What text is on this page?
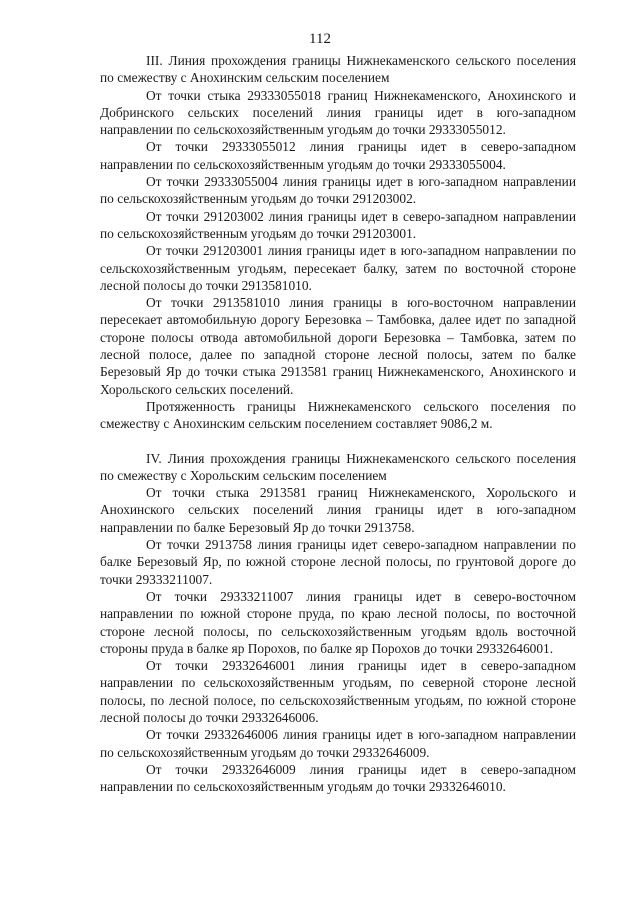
112

III. Линия прохождения границы Нижнекаменского сельского поселения по смежеству с Анохинским сельским поселением

От точки стыка 29333055018 границ Нижнекаменского, Анохинского и Добринского сельских поселений линия границы идет в юго-западном направлении по сельскохозяйственным угодьям до точки 29333055012.

От точки 29333055012 линия границы идет в северо-западном направлении по сельскохозяйственным угодьям до точки 29333055004.

От точки 29333055004 линия границы идет в юго-западном направлении по сельскохозяйственным угодьям до точки 291203002.

От точки 291203002 линия границы идет в северо-западном направлении по сельскохозяйственным угодьям до точки 291203001.

От точки 291203001 линия границы идет в юго-западном направлении по сельскохозяйственным угодьям, пересекает балку, затем по восточной стороне лесной полосы до точки 2913581010.

От точки 2913581010 линия границы в юго-восточном направлении пересекает автомобильную дорогу Березовка – Тамбовка, далее идет по западной стороне полосы отвода автомобильной дороги Березовка – Тамбовка, затем по лесной полосе, далее по западной стороне лесной полосы, затем по балке Березовый Яр до точки стыка 2913581 границ Нижнекаменского, Анохинского и Хорольского сельских поселений.

Протяженность границы Нижнекаменского сельского поселения по смежеству с Анохинским сельским поселением составляет 9086,2 м.

IV. Линия прохождения границы Нижнекаменского сельского поселения по смежеству с Хорольским сельским поселением

От точки стыка 2913581 границ Нижнекаменского, Хорольского и Анохинского сельских поселений линия границы идет в юго-западном направлении по балке Березовый Яр до точки 2913758.

От точки 2913758 линия границы идет северо-западном направлении по балке Березовый Яр, по южной стороне лесной полосы, по грунтовой дороге до точки 29333211007.

От точки 29333211007 линия границы идет в северо-восточном направлении по южной стороне пруда, по краю лесной полосы, по восточной стороне лесной полосы, по сельскохозяйственным угодьям вдоль восточной стороны пруда в балке яр Порохов, по балке яр Порохов до точки 29332646001.

От точки 29332646001 линия границы идет в северо-западном направлении по сельскохозяйственным угодьям, по северной стороне лесной полосы, по лесной полосе, по сельскохозяйственным угодьям, по южной стороне лесной полосы до точки 29332646006.

От точки 29332646006 линия границы идет в юго-западном направлении по сельскохозяйственным угодьям до точки 29332646009.

От точки 29332646009 линия границы идет в северо-западном направлении по сельскохозяйственным угодьям до точки 29332646010.
